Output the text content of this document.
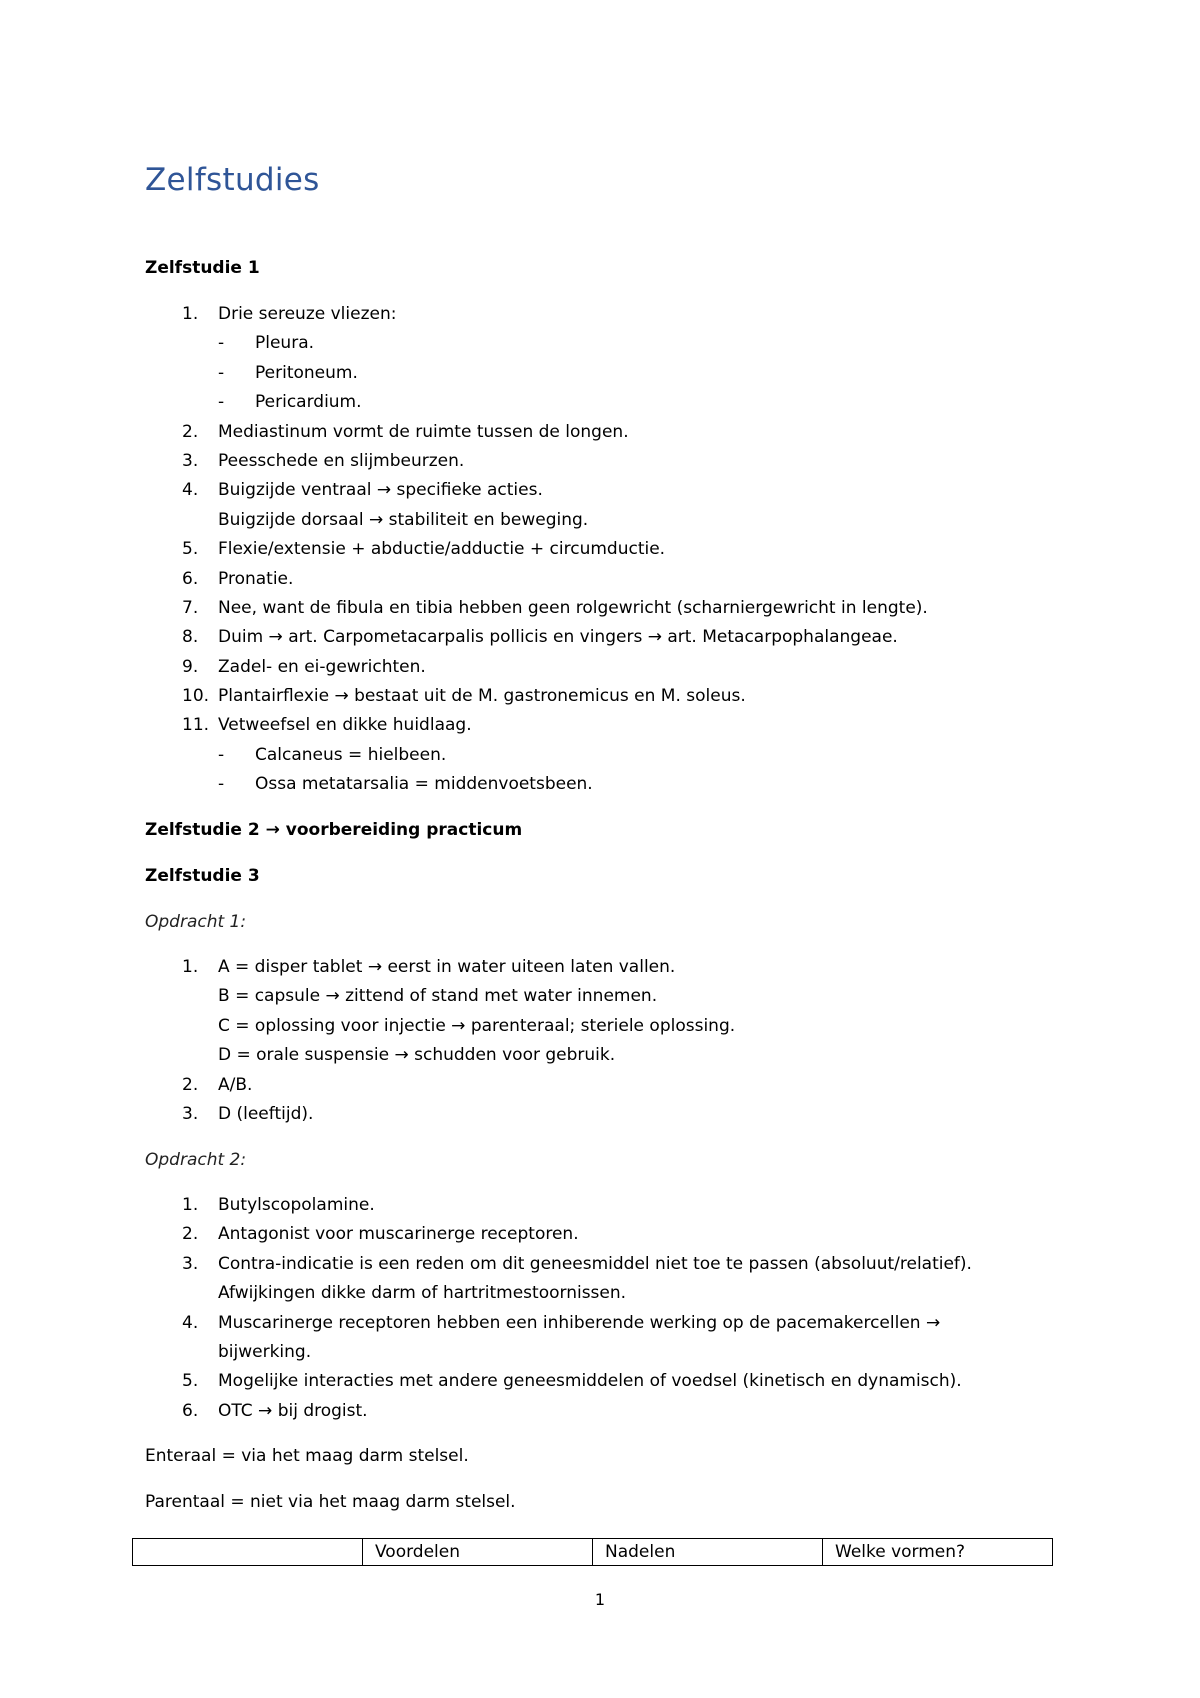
Zelfstudies
Zelfstudie 1
1.	Drie sereuze vliezen:
- Pleura.
- Peritoneum.
- Pericardium.
2.	Mediastinum vormt de ruimte tussen de longen.
3.	Peesschede en slijmbeurzen.
4.	Buigzijde ventraal → specifieke acties.
Buigzijde dorsaal → stabiliteit en beweging.
5.	Flexie/extensie + abductie/adductie + circumductie.
6.	Pronatie.
7.	Nee, want de fibula en tibia hebben geen rolgewricht (scharniergewricht in lengte).
8.	Duim → art. Carpometacarpalis pollicis en vingers → art. Metacarpophalangeae.
9.	Zadel- en ei-gewrichten.
10. Plantairflexie → bestaat uit de M. gastronemicus en M. soleus.
11. Vetweefsel en dikke huidlaag.
- Calcaneus = hielbeen.
- Ossa metatarsalia = middenvoetsbeen.
Zelfstudie 2 → voorbereiding practicum
Zelfstudie 3
Opdracht 1:
1.	A = disper tablet → eerst in water uiteen laten vallen.
B = capsule → zittend of stand met water innemen.
C = oplossing voor injectie → parenteraal; steriele oplossing.
D = orale suspensie → schudden voor gebruik.
2.	A/B.
3.	D (leeftijd).
Opdracht 2:
1.	Butylscopolamine.
2.	Antagonist voor muscarinerge receptoren.
3.	Contra-indicatie is een reden om dit geneesmiddel niet toe te passen (absoluut/relatief).
Afwijkingen dikke darm of hartritmestoornissen.
4.	Muscarinerge receptoren hebben een inhiberende werking op de pacemakercellen →
bijwerking.
5.	Mogelijke interacties met andere geneesmiddelen of voedsel (kinetisch en dynamisch).
6.	OTC → bij drogist.
Enteraal = via het maag darm stelsel.
Parentaal = niet via het maag darm stelsel.
	Voordelen	Nadelen	Welke vormen?
1
